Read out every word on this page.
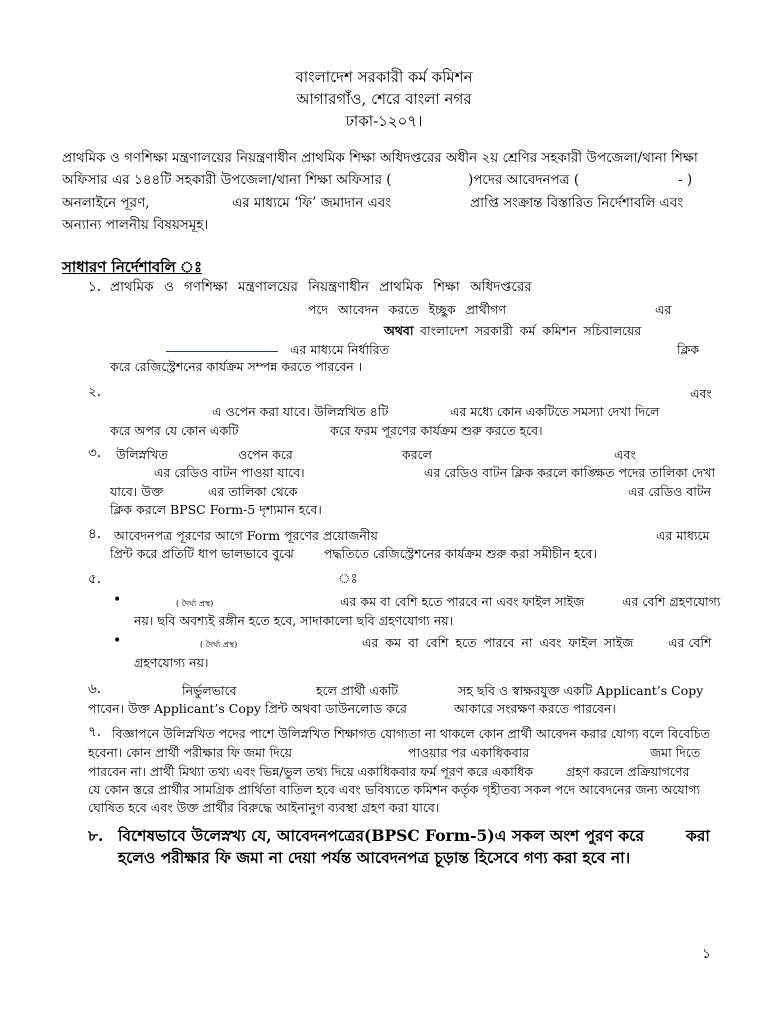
বাংলাদেশ সরকারী কর্ম কমিশন
আগারগাঁও, শেরে বাংলা নগর
ঢাকা-১২০৭।
প্রাথমিক ও গণশিক্ষা মন্ত্রণালয়ের নিয়ন্ত্রণাধীন প্রাথমিক শিক্ষা অধিদপ্তরের অধীন ২য় শ্রেণির সহকারী উপজেলা/থানা শিক্ষা
অফিসার এর ১৪৪টি সহকারী উপজেলা/থানা শিক্ষা অফিসার (	)পদের আবেদনপত্র (	- )
অনলাইনে পূরণ,	এর মাধ্যমে ‘ফি’ জমাদান এবং	প্রাপ্তি সংক্রান্ত বিস্তারিত নির্দেশাবলি এবং
অন্যান্য পালনীয় বিষয়সমূহ।
সাধারণ নির্দেশাবলি ঃ
১. প্রাথমিক ও গণশিক্ষা মন্ত্রণালয়ের নিয়ন্ত্রণাধীন প্রাথমিক শিক্ষা অধিদপ্তরের
পদে আবেদন করতে ইচ্ছুক প্রার্থীগণ	এর
অথবা বাংলাদেশ সরকারী কর্ম কমিশন সচিবালয়ের
এর মাধ্যমে নির্ধারিত	ক্লিক
করে রেজিস্ট্রেশনের কার্যক্রম সম্পন্ন করতে পারবেন ।
২.	এবং
এ ওপেন করা যাবে। উলিস্নখিত ৪টি	এর মধ্যে কোন একটিতে সমস্যা দেখা দিলে
করে অপর যে কোন একটি	করে ফরম পূরণের কার্যক্রম শুরু করতে হবে।
৩. উলিস্নখিত	ওপেন করে	করলে	এবং
এর রেডিও বাটন পাওয়া যাবে।	এর রেডিও বাটন ক্লিক করলে কাঙ্ক্ষিত পদের তালিকা দেখা
যাবে। উক্ত	এর তালিকা থেকে	এর রেডিও বাটন
ক্লিক করলে BPSC Form-5 দৃশ্যমান হবে।
৪. আবেদনপত্র পূরণের আগে Form পূরণের প্রয়োজনীয়	এর মাধ্যমে
প্রিন্ট করে প্রতিটি ধাপ ভালভাবে বুঝে পদ্ধতিতে রেজিস্ট্রেশনের কার্যক্রম শুরু করা সমীচীন হবে।
৫.	ঃ
•	( দৈর্ঘ্য প্রস্থ)	এর কম বা বেশি হতে পারবে না এবং ফাইল সাইজ	এর বেশি গ্রহণযোগ্য
নয়। ছবি অবশ্যই রঙ্গীন হতে হবে, সাদাকালো ছবি গ্রহণযোগ্য নয়।
•	( দৈর্ঘ্য প্রস্থ)	এর কম বা বেশি হতে পারবে না এবং ফাইল সাইজ	এর বেশি
গ্রহণযোগ্য নয়।
৬.	নির্ভুলভাবে	হলে প্রার্থী একটি	সহ ছবি ও স্বাক্ষরযুক্ত একটি Applicant’s Copy
পাবেন। উক্ত Applicant’s Copy প্রিন্ট অথবা ডাউনলোড করে	আকারে সংরক্ষণ করতে পারবেন।
৭. বিজ্ঞাপনে উলিস্নখিত পদের পাশে উলিস্নখিত শিক্ষাগত যোগ্যতা না থাকলে কোন প্রার্থী আবেদন করার যোগ্য বলে বিবেচিত
হবেনা। কোন প্রার্থী পরীক্ষার ফি জমা দিয়ে	পাওয়ার পর একাধিকবার	জমা দিতে
পারবেন না। প্রার্থী মিথ্যা তথ্য এবং ভিন্ন/ভুল তথ্য দিয়ে একাধিকবার ফর্ম পূরণ করে একাধিক	গ্রহণ করলে প্রক্রিয়াগণের
যে কোন স্তরে প্রার্থীর সামগ্রিক প্রার্থিতা বাতিল হবে এবং ভবিষ্যতে কমিশন কর্তৃক গৃহীতব্য সকল পদে আবেদনের জন্য অযোগ্য
ঘোষিত হবে এবং উক্ত প্রার্থীর বিরুদ্ধে আইনানুগ ব্যবস্থা গ্রহণ করা যাবে।
৮. বিশেষভাবে উলেস্নখ্য যে, আবেদনপত্রের(BPSC Form-5)এ সকল অংশ পুরণ করে	করা
হলেও পরীক্ষার ফি জমা না দেয়া পর্যন্ত আবেদনপত্র চূড়ান্ত হিসেবে গণ্য করা হবে না।
১
